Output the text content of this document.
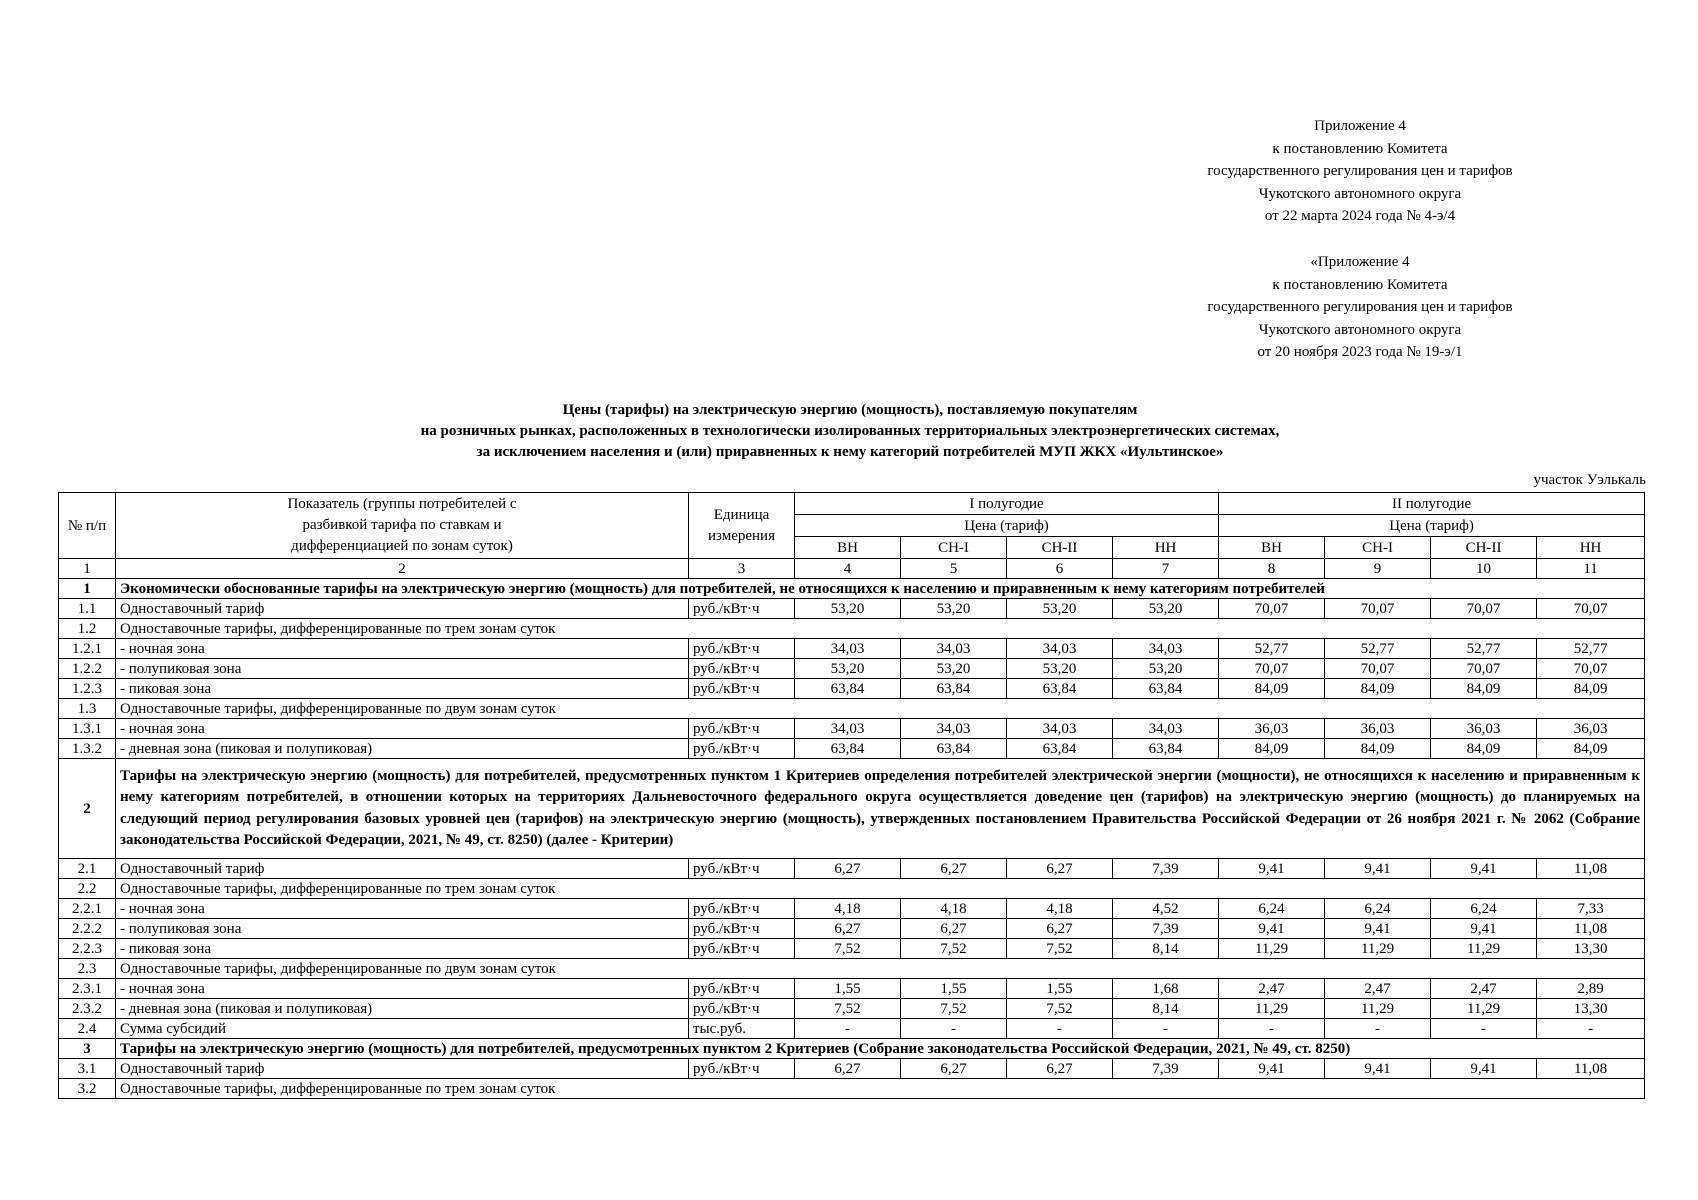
Приложение 4
к постановлению Комитета
государственного регулирования цен и тарифов
Чукотского автономного округа
от 22 марта 2024 года № 4-э/4
«Приложение 4
к постановлению Комитета
государственного регулирования цен и тарифов
Чукотского автономного округа
от 20 ноября 2023 года № 19-э/1
Цены (тарифы) на электрическую энергию (мощность), поставляемую покупателям
на розничных рынках, расположенных в технологически изолированных территориальных электроэнергетических системах,
за исключением населения и (или) приравненных к нему категорий потребителей МУП ЖКХ «Иультинское»
участок Уэлькаль
№ п/п	Показатель (группы потребителей с разбивкой тарифа по ставкам и дифференциацией по зонам суток)	Единица измерения	I полугодие				II полугодие			
			Цена (тариф)				Цена (тариф)			
			ВН	СН-I	СН-II	НН	ВН	СН-I	СН-II	НН
1	2	3	4	5	6	7	8	9	10	11
1	Экономически обоснованные тарифы на электрическую энергию (мощность) для потребителей, не относящихся к населению и приравненным к нему категориям потребителей									
1.1	Одноставочный тариф	руб./кВт·ч	53,20	53,20	53,20	53,20	70,07	70,07	70,07	70,07
1.2	Одноставочные тарифы, дифференцированные по трем зонам суток									
1.2.1	- ночная зона	руб./кВт·ч	34,03	34,03	34,03	34,03	52,77	52,77	52,77	52,77
1.2.2	- полупиковая зона	руб./кВт·ч	53,20	53,20	53,20	53,20	70,07	70,07	70,07	70,07
1.2.3	- пиковая зона	руб./кВт·ч	63,84	63,84	63,84	63,84	84,09	84,09	84,09	84,09
1.3	Одноставочные тарифы, дифференцированные по двум зонам суток									
1.3.1	- ночная зона	руб./кВт·ч	34,03	34,03	34,03	34,03	36,03	36,03	36,03	36,03
1.3.2	- дневная зона (пиковая и полупиковая)	руб./кВт·ч	63,84	63,84	63,84	63,84	84,09	84,09	84,09	84,09
2	Тарифы на электрическую энергию (мощность) для потребителей, предусмотренных пунктом 1 Критериев определения потребителей электрической энергии (мощности), не относящихся к населению и приравненным к нему категориям потребителей, в отношении которых на территориях Дальневосточного федерального округа осуществляется доведение цен (тарифов) на электрическую энергию (мощность) до планируемых на следующий период регулирования базовых уровней цен (тарифов) на электрическую энергию (мощность), утвержденных постановлением Правительства Российской Федерации от 26 ноября 2021 г. № 2062 (Собрание законодательства Российской Федерации, 2021, № 49, ст. 8250) (далее - Критерии)									
2.1	Одноставочный тариф	руб./кВт·ч	6,27	6,27	6,27	7,39	9,41	9,41	9,41	11,08
2.2	Одноставочные тарифы, дифференцированные по трем зонам суток									
2.2.1	- ночная зона	руб./кВт·ч	4,18	4,18	4,18	4,52	6,24	6,24	6,24	7,33
2.2.2	- полупиковая зона	руб./кВт·ч	6,27	6,27	6,27	7,39	9,41	9,41	9,41	11,08
2.2.3	- пиковая зона	руб./кВт·ч	7,52	7,52	7,52	8,14	11,29	11,29	11,29	13,30
2.3	Одноставочные тарифы, дифференцированные по двум зонам суток									
2.3.1	- ночная зона	руб./кВт·ч	1,55	1,55	1,55	1,68	2,47	2,47	2,47	2,89
2.3.2	- дневная зона (пиковая и полупиковая)	руб./кВт·ч	7,52	7,52	7,52	8,14	11,29	11,29	11,29	13,30
2.4	Сумма субсидий	тыс.руб.	-	-	-	-	-	-	-	-
3	Тарифы на электрическую энергию (мощность) для потребителей, предусмотренных пунктом 2 Критериев (Собрание законодательства Российской Федерации, 2021, № 49, ст. 8250)									
3.1	Одноставочный тариф	руб./кВт·ч	6,27	6,27	6,27	7,39	9,41	9,41	9,41	11,08
3.2	Одноставочные тарифы, дифференцированные по трем зонам суток									
